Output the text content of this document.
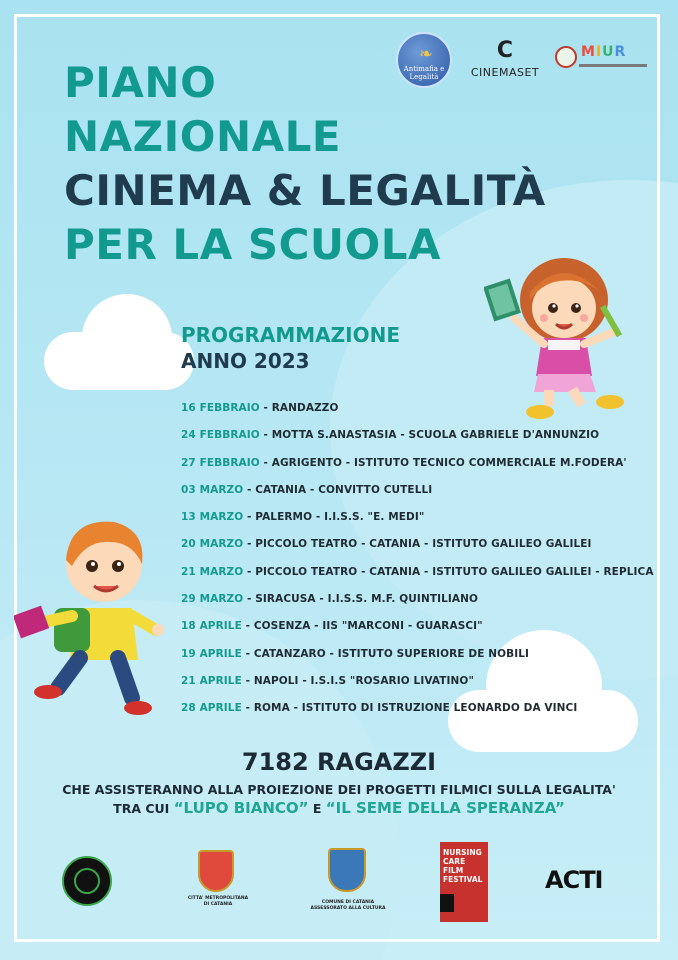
❧
Antimafia e Legalità
C
CINEMASET
MIUR
PIANO
NAZIONALE
CINEMA & LEGALITÀ
PER LA SCUOLA
PROGRAMMAZIONE
ANNO 2023
16 FEBBRAIO - RANDAZZO
24 FEBBRAIO - MOTTA S.ANASTASIA - SCUOLA GABRIELE D'ANNUNZIO
27 FEBBRAIO - AGRIGENTO - ISTITUTO TECNICO COMMERCIALE M.FODERA'
03 MARZO - CATANIA - CONVITTO CUTELLI
13 MARZO - PALERMO - I.I.S.S. "E. MEDI"
20 MARZO - PICCOLO TEATRO - CATANIA - ISTITUTO GALILEO GALILEI
21 MARZO - PICCOLO TEATRO - CATANIA - ISTITUTO GALILEO GALILEI - REPLICA
29 MARZO - SIRACUSA - I.I.S.S. M.F. QUINTILIANO
18 APRILE - COSENZA - IIS "MARCONI - GUARASCI"
19 APRILE - CATANZARO - ISTITUTO SUPERIORE DE NOBILI
21 APRILE - NAPOLI - I.S.I.S "ROSARIO LIVATINO"
28 APRILE - ROMA - ISTITUTO DI ISTRUZIONE LEONARDO DA VINCI
7182 RAGAZZI
CHE ASSISTERANNO ALLA PROIEZIONE DEI PROGETTI FILMICI SULLA LEGALITA'
TRA CUI “LUPO BIANCO” E “IL SEME DELLA SPERANZA”
CITTA' METROPOLITANA DI CATANIA	COMUNE DI CATANIA ASSESSORATO ALLA CULTURA
NURSING CARE FILM FESTIVAL	ACTI
